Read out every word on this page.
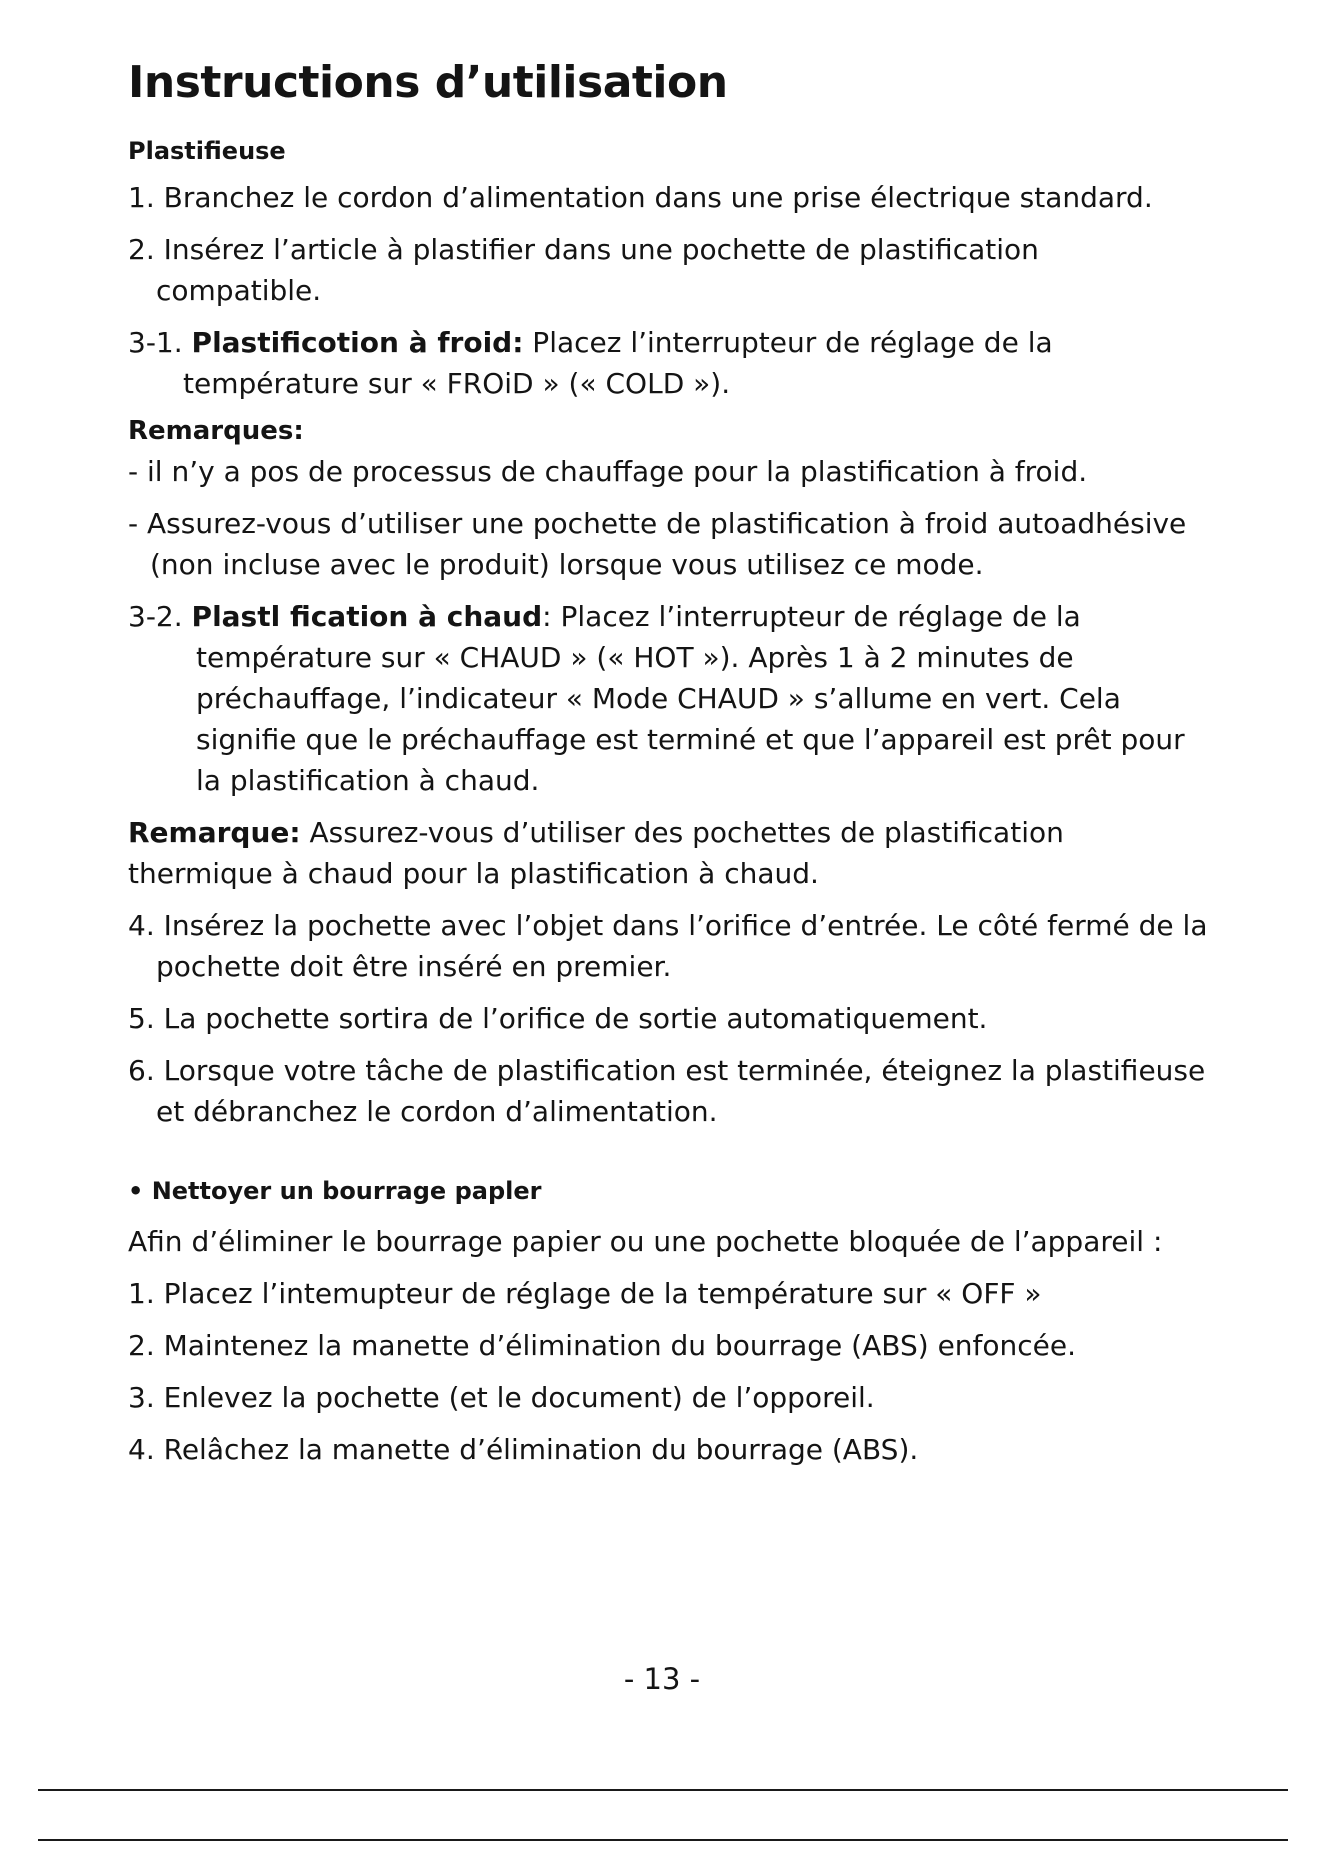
Instructions d’utilisation
Plastifieuse
1. Branchez le cordon d’alimentation dans une prise électrique standard.
2. Insérez l’article à plastifier dans une pochette de plastification compatible.
3-1. Plastificotion à froid: Placez l’interrupteur de réglage de la température sur « FROiD » (« COLD »).
Remarques:
- il n’y a pos de processus de chauffage pour la plastification à froid.
- Assurez-vous d’utiliser une pochette de plastification à froid autoadhésive (non incluse avec le produit) lorsque vous utilisez ce mode.
3-2. Plastl fication à chaud: Placez l’interrupteur de réglage de la température sur « CHAUD » (« HOT »). Après 1 à 2 minutes de préchauffage, l’indicateur « Mode CHAUD » s’allume en vert. Cela signifie que le préchauffage est terminé et que l’appareil est prêt pour la plastification à chaud.
Remarque: Assurez-vous d’utiliser des pochettes de plastification thermique à chaud pour la plastification à chaud.
4. Insérez la pochette avec l’objet dans l’orifice d’entrée. Le côté fermé de la pochette doit être inséré en premier.
5. La pochette sortira de l’orifice de sortie automatiquement.
6. Lorsque votre tâche de plastification est terminée, éteignez la plastifieuse et débranchez le cordon d’alimentation.
• Nettoyer un bourrage papler
Afin d’éliminer le bourrage papier ou une pochette bloquée de l’appareil :
1. Placez l’intemupteur de réglage de la température sur « OFF »
2. Maintenez la manette d’élimination du bourrage (ABS) enfoncée.
3. Enlevez la pochette (et le document) de l’opporeil.
4. Relâchez la manette d’élimination du bourrage (ABS).
- 13 -
